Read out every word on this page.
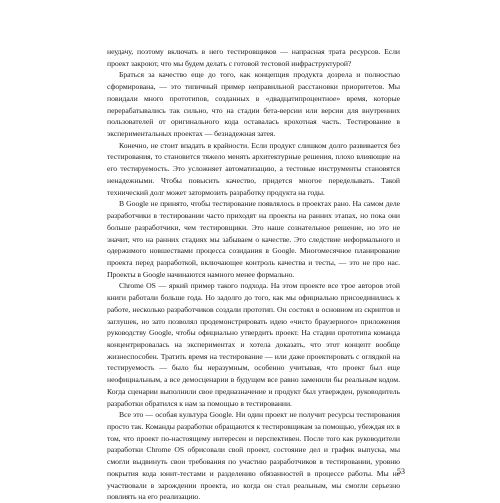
неудачу, поэтому включать в него тестировщиков — напрасная трата ресурсов. Если проект закроют, что мы будем делать с готовой тестовой инфраструктурой?

Браться за качество еще до того, как концепция продукта дозрела и полностью сформирована, — это типичный пример неправильной расстановки приоритетов. Мы повидали много прототипов, созданных в «двадцатипроцентное» время, которые перерабатывались так сильно, что на стадии бета-версии или версии для внутренних пользователей от оригинального кода оставалась крохотная часть. Тестирование в экспериментальных проектах — безнадежная затея.

Конечно, не стоит впадать в крайности. Если продукт слишком долго развивается без тестирования, то становится тяжело менять архитектурные решения, плохо влияющие на его тестируемость. Это усложняет автоматизацию, а тестовые инструменты становятся ненадежными. Чтобы повысить качество, придется многое переделывать. Такой технический долг может затормозить разработку продукта на годы.

В Google не принято, чтобы тестирование появлялось в проектах рано. На самом деле разработчики в тестировании часто приходят на проекты на ранних этапах, но пока они больше разработчики, чем тестировщики. Это наше сознательное решение, но это не значит, что на ранних стадиях мы забываем о качестве. Это следствие неформального и одержимого новшествами процесса созидания в Google. Многомесячное планирование проекта перед разработкой, включающее контроль качества и тесты, — это не про нас. Проекты в Google начинаются намного менее формально.

Chrome OS — яркий пример такого подхода. На этом проекте все трое авторов этой книги работали больше года. Но задолго до того, как мы официально присоединились к работе, несколько разработчиков создали прототип. Он состоял в основном из скриптов и заглушек, но зато позволял продемонстрировать идею «чисто браузерного» приложения руководству Google, чтобы официально утвердить проект. На стадии прототипа команда концентрировалась на экспериментах и хотела доказать, что этот концепт вообще жизнеспособен. Тратить время на тестирование — или даже проектировать с оглядкой на тестируемость — было бы неразумным, особенно учитывая, что проект был еще неофициальным, а все демосценарии в будущем все равно заменили бы реальным кодом. Когда сценарии выполнили свое предназначение и продукт был утвержден, руководитель разработки обратился к нам за помощью в тестировании.

Все это — особая культура Google. Ни один проект не получит ресурсы тестирования просто так. Команды разработки обращаются к тестировщикам за помощью, убеждая их в том, что проект по-настоящему интересен и перспективен. После того как руководители разработки Chrome OS обрисовали свой проект, состояние дел и график выпуска, мы смогли выдвинуть свои требования по участию разработчиков в тестировании, уровню покрытия кода юнит-тестами и разделению обязанностей в процессе работы. Мы не участвовали в зарождении проекта, но когда он стал реальным, мы смогли серьезно повлиять на его реализацию.

53
